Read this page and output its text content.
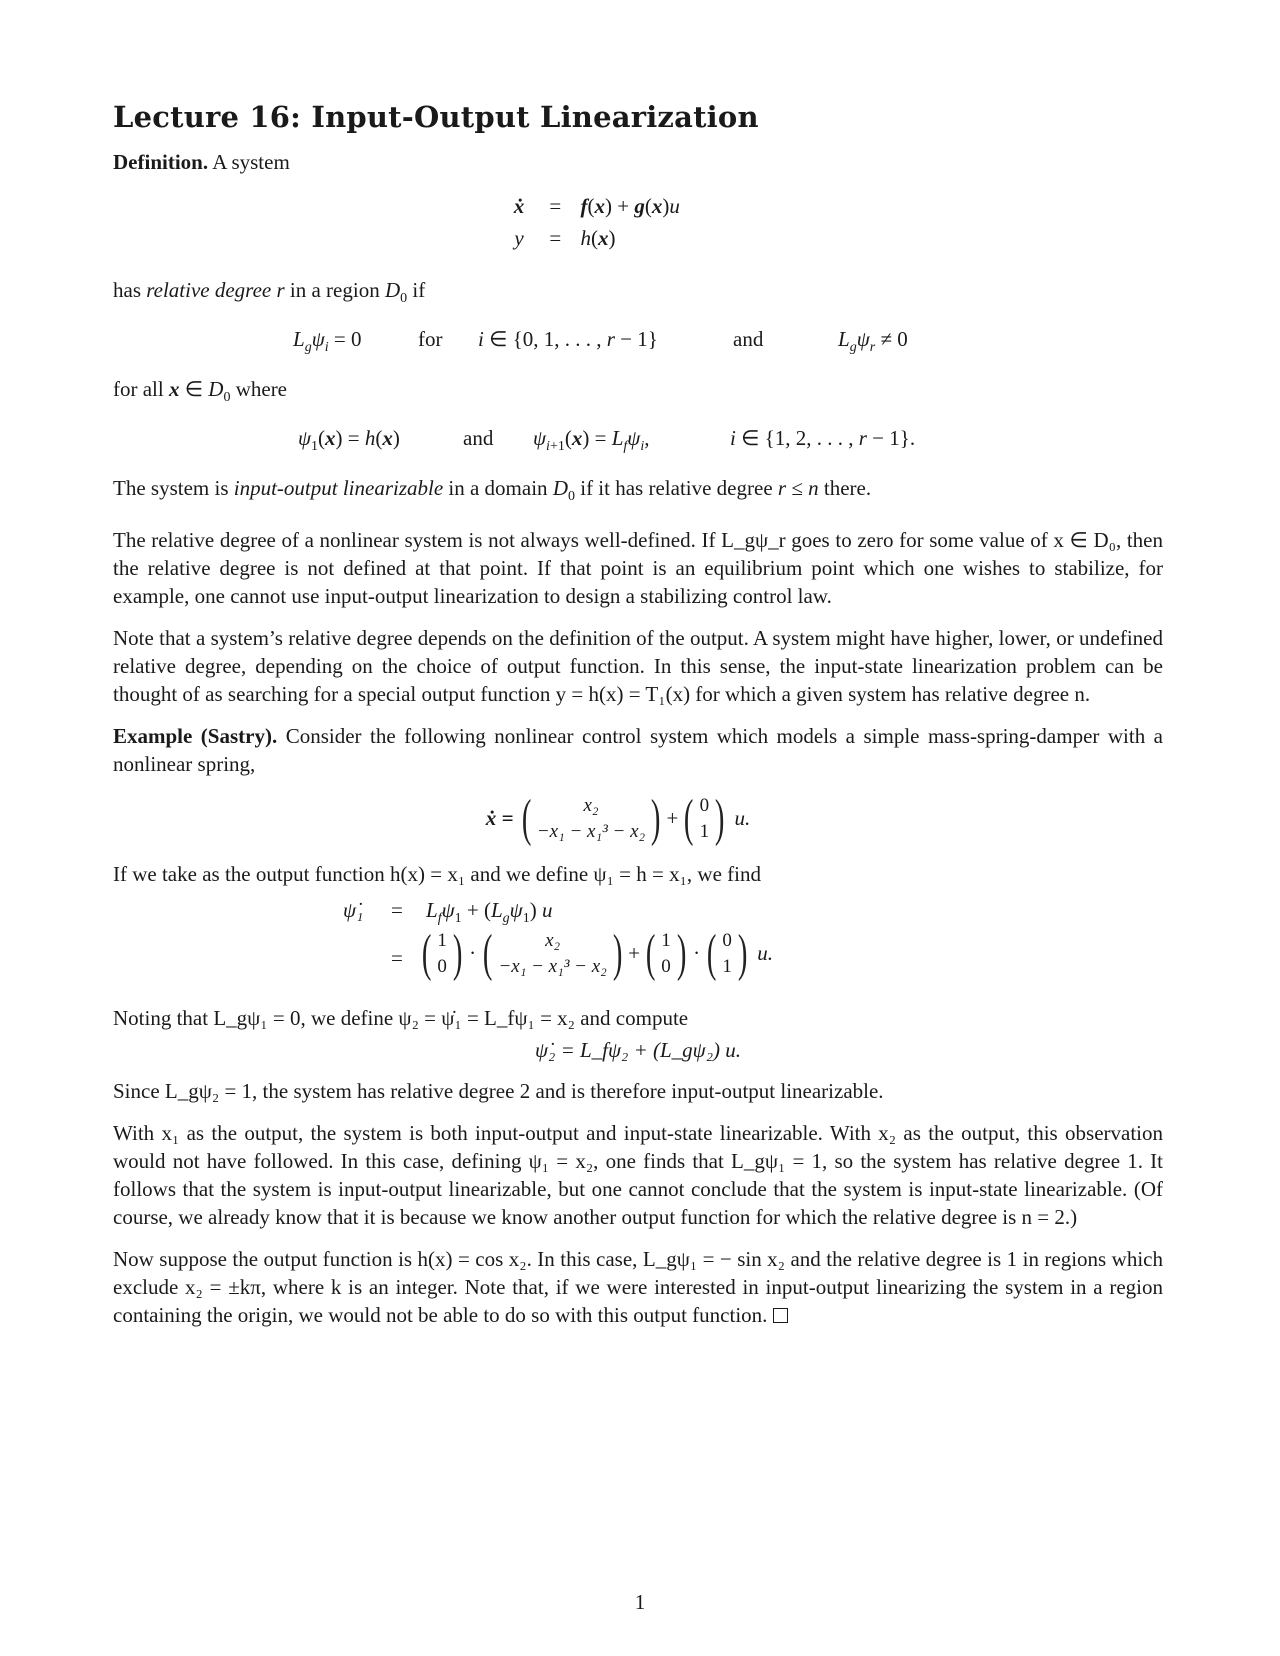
Lecture 16: Input-Output Linearization
Definition. A system
ẋ = f(x) + g(x)u
y = h(x)
has relative degree r in a region $D_0$ if
$L_g\psi_i = 0$	for i ∈ {0, 1, . . . , r − 1}	and	$L_g\psi_r \ne 0$
for all x ∈ $D_0$ where
$\psi_1(x) = h(x)$	and $\psi_{i+1}(x) = L_f\psi_i$,	i ∈ {1, 2, . . . , r − 1}.
The system is input-output linearizable in a domain $D_0$ if it has relative degree r ≤ n there.
The relative degree of a nonlinear system is not always well-defined. If L_gψ_r goes to zero for some value of x ∈ D₀, then the relative degree is not defined at that point. If that point is an equilibrium point which one wishes to stabilize, for example, one cannot use input-output linearization to design a stabilizing control law.
Note that a system’s relative degree depends on the definition of the output. A system might have higher, lower, or undefined relative degree, depending on the choice of output function. In this sense, the input-state linearization problem can be thought of as searching for a special output function y = h(x) = T₁(x) for which a given system has relative degree n.
Example (Sastry). Consider the following nonlinear control system which models a simple mass-spring-damper with a nonlinear spring,
ẋ = (	x₂
−x₁ − x₁³ − x₂ ) + ( 0
1 ) u.
If we take as the output function h(x) = x₁ and we define ψ₁ = h = x₁, we find
ψ̇₁ = $L_f\psi_1 + (L_g\psi_1)$ u
= ( 1
0 ) · (	x₂
−x₁ − x₁³ − x₂ ) + ( 1
0 ) · ( 0
1 ) u.
Noting that L_gψ₁ = 0, we define ψ₂ = ψ̇₁ = L_fψ₁ = x₂ and compute
ψ̇₂ = L_fψ₂ + (L_gψ₂) u.
Since L_gψ₂ = 1, the system has relative degree 2 and is therefore input-output linearizable.
With x₁ as the output, the system is both input-output and input-state linearizable. With x₂ as the output, this observation would not have followed. In this case, defining ψ₁ = x₂, one finds that L_gψ₁ = 1, so the system has relative degree 1. It follows that the system is input-output linearizable, but one cannot conclude that the system is input-state linearizable. (Of course, we already know that it is because we know another output function for which the relative degree is n = 2.)
Now suppose the output function is h(x) = cos x₂. In this case, L_gψ₁ = − sin x₂ and the relative degree is 1 in regions which exclude x₂ = ±kπ, where k is an integer. Note that, if we were interested in input-output linearizing the system in a region containing the origin, we would not be able to do so with this output function.
1
